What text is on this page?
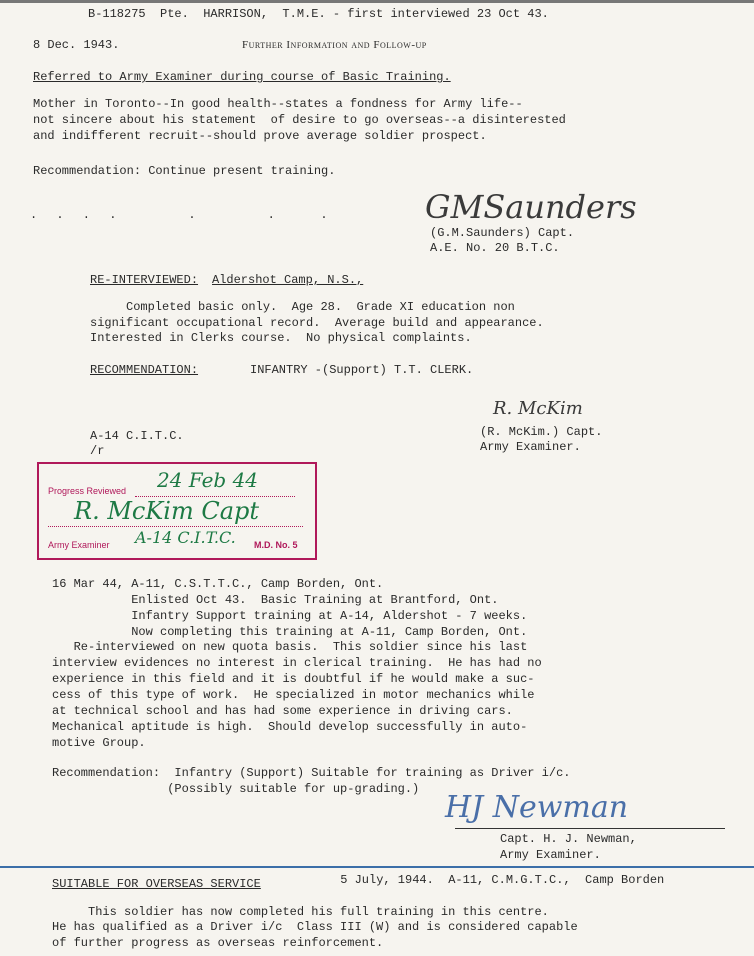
B-118275  Pte.  HARRISON,  T.M.E. - first interviewed 23 Oct 43.
8 Dec. 1943.	Further Information and Follow-up
Referred to Army Examiner during course of Basic Training.
Mother in Toronto--In good health--states a fondness for Army life--
not sincere about his statement  of desire to go overseas--a disinterested
and indifferent recruit--should prove average soldier prospect.
Recommendation: Continue present training.
. . . .     .     .   .	GMSaunders
(G.M.Saunders) Capt.
A.E. No. 20 B.T.C.
RE-INTERVIEWED: Aldershot Camp, N.S.,
Completed basic only.  Age 28.  Grade XI education non
significant occupational record.  Average build and appearance.
Interested in Clerks course.  No physical complaints.
RECOMMENDATION:	INFANTRY -(Support) T.T. CLERK.
R. McKim
(R. McKim.) Capt.
Army Examiner.
A-14 C.I.T.C.
/r
Progress Reviewed 24 Feb 44
R. McKim Capt
Army Examiner A-14 C.I.T.C. M.D. No. 5
16 Mar 44, A-11, C.S.T.T.C., Camp Borden, Ont.
Enlisted Oct 43.  Basic Training at Brantford, Ont.
Infantry Support training at A-14, Aldershot - 7 weeks.
Now completing this training at A-11, Camp Borden, Ont.
Re-interviewed on new quota basis.  This soldier since his last
interview evidences no interest in clerical training.  He has had no
experience in this field and it is doubtful if he would make a suc-
cess of this type of work.  He specialized in motor mechanics while
at technical school and has had some experience in driving cars.
Mechanical aptitude is high.  Should develop successfully in auto-
motive Group.
Recommendation:  Infantry (Support) Suitable for training as Driver i/c.
(Possibly suitable for up-grading.)
HJ Newman
Capt. H. J. Newman,
Army Examiner.
SUITABLE FOR OVERSEAS SERVICE	5 July, 1944.  A-11, C.M.G.T.C.,  Camp Borden
This soldier has now completed his full training in this centre.
He has qualified as a Driver i/c  Class III (W) and is considered capable
of further progress as overseas reinforcement.
